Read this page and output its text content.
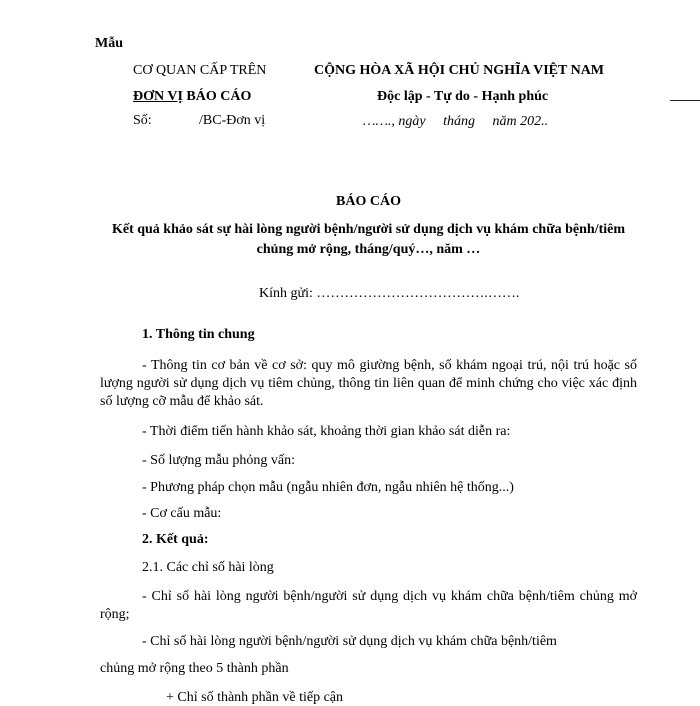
Mẫu
CƠ QUAN CẤP TRÊN
ĐƠN VỊ BÁO CÁO
Số:	/BC-Đơn vị
CỘNG HÒA XÃ HỘI CHỦ NGHĨA VIỆT NAM
Độc lập - Tự do - Hạnh phúc
……., ngày     tháng     năm 202..
BÁO CÁO
Kết quả khảo sát sự hài lòng người bệnh/người sử dụng dịch vụ khám chữa bệnh/tiêm
chủng mở rộng, tháng/quý…, năm …
Kính gửi: ……………………………….…….
1. Thông tin chung
- Thông tin cơ bản về cơ sở: quy mô giường bệnh, số khám ngoại trú, nội trú hoặc số lượng người sử dụng dịch vụ tiêm chủng, thông tin liên quan để minh chứng cho việc xác định số lượng cỡ mẫu để khảo sát.
- Thời điểm tiến hành khảo sát, khoảng thời gian khảo sát diễn ra:
- Số lượng mẫu phỏng vấn:
- Phương pháp chọn mẫu (ngẫu nhiên đơn, ngẫu nhiên hệ thống...)
- Cơ cấu mẫu:
2. Kết quả:
2.1. Các chỉ số hài lòng
- Chỉ số hài lòng người bệnh/người sử dụng dịch vụ khám chữa bệnh/tiêm chủng mở rộng;
- Chỉ số hài lòng người bệnh/người sử dụng dịch vụ khám chữa bệnh/tiêm
chủng mở rộng theo 5 thành phần
+ Chỉ số thành phần về tiếp cận
